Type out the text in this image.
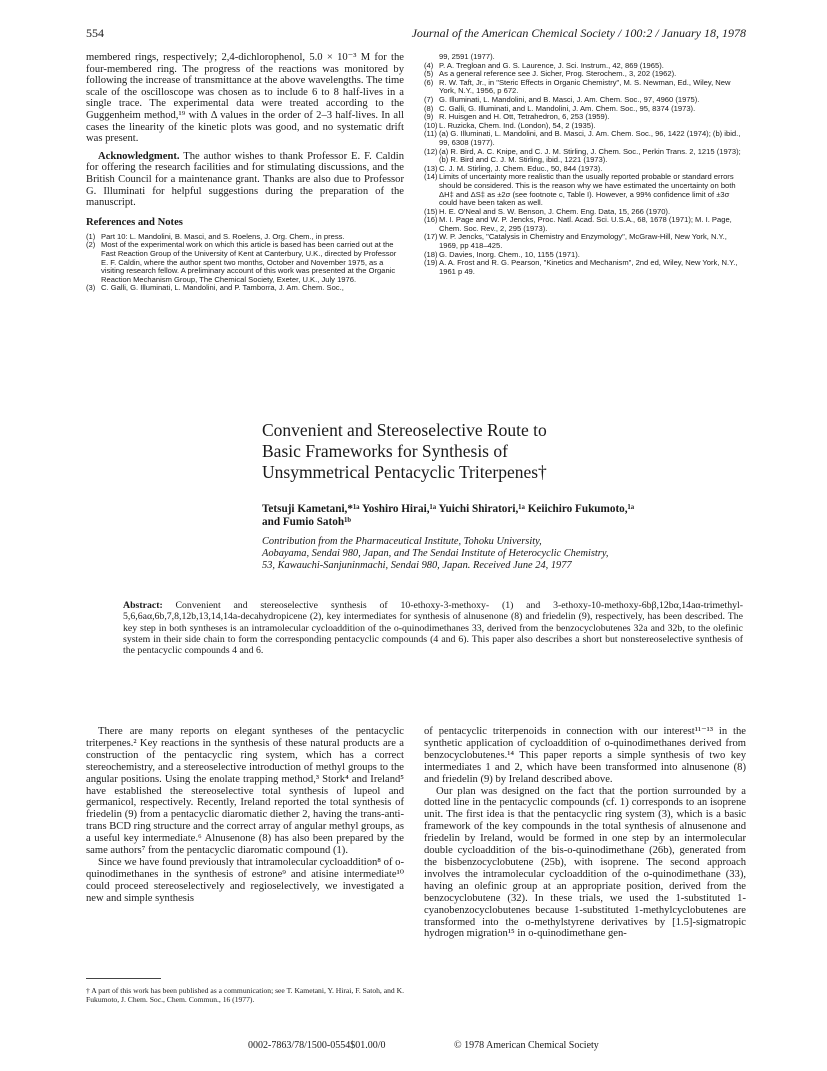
554	Journal of the American Chemical Society / 100:2 / January 18, 1978

membered rings, respectively; 2,4-dichlorophenol, 5.0 × 10⁻³ M for the four-membered ring. The progress of the reactions was monitored by following the increase of transmittance at the above wavelengths. The time scale of the oscilloscope was chosen as to include 6 to 8 half-lives in a single trace. The experimental data were treated according to the Guggenheim method,¹⁹ with Δ values in the order of 2–3 half-lives. In all cases the linearity of the kinetic plots was good, and no systematic drift was present.

Acknowledgment. The author wishes to thank Professor E. F. Caldin for offering the research facilities and for stimulating discussions, and the British Council for a maintenance grant. Thanks are also due to Professor G. Illuminati for helpful suggestions during the preparation of the manuscript.

References and Notes

(1) Part 10: L. Mandolini, B. Masci, and S. Roelens, J. Org. Chem., in press.
(2) Most of the experimental work on which this article is based has been carried out at the Fast Reaction Group of the University of Kent at Canterbury, U.K., directed by Professor E. F. Caldin, where the author spent two months, October and November 1975, as a visiting research fellow. A preliminary account of this work was presented at the Organic Reaction Mechanism Group, The Chemical Society, Exeter, U.K., July 1976.
(3) C. Galli, G. Illuminati, L. Mandolini, and P. Tamborra, J. Am. Chem. Soc.,
99, 2591 (1977).
(4) P. A. Tregloan and G. S. Laurence, J. Sci. Instrum., 42, 869 (1965).
(5) As a general reference see J. Sicher, Prog. Sterochem., 3, 202 (1962).
(6) R. W. Taft, Jr., in "Steric Effects in Organic Chemistry", M. S. Newman, Ed., Wiley, New York, N.Y., 1956, p 672.
(7) G. Illuminati, L. Mandolini, and B. Masci, J. Am. Chem. Soc., 97, 4960 (1975).
(8) C. Galli, G. Illuminati, and L. Mandolini, J. Am. Chem. Soc., 95, 8374 (1973).
(9) R. Huisgen and H. Ott, Tetrahedron, 6, 253 (1959).
(10) L. Ruzicka, Chem. Ind. (London), 54, 2 (1935).
(11) (a) G. Illuminati, L. Mandolini, and B. Masci, J. Am. Chem. Soc., 96, 1422 (1974); (b) ibid., 99, 6308 (1977).
(12) (a) R. Bird, A. C. Knipe, and C. J. M. Stirling, J. Chem. Soc., Perkin Trans. 2, 1215 (1973); (b) R. Bird and C. J. M. Stirling, ibid., 1221 (1973).
(13) C. J. M. Stirling, J. Chem. Educ., 50, 844 (1973).
(14) Limits of uncertainty more realistic than the usually reported probable or standard errors should be considered. This is the reason why we have estimated the uncertainty on both ΔH‡ and ΔS‡ as ±2σ (see footnote c, Table I). However, a 99% confidence limit of ±3σ could have been taken as well.
(15) H. E. O'Neal and S. W. Benson, J. Chem. Eng. Data, 15, 266 (1970).
(16) M. I. Page and W. P. Jencks, Proc. Natl. Acad. Sci. U.S.A., 68, 1678 (1971); M. I. Page, Chem. Soc. Rev., 2, 295 (1973).
(17) W. P. Jencks, "Catalysis in Chemistry and Enzymology", McGraw-Hill, New York, N.Y., 1969, pp 418–425.
(18) G. Davies, Inorg. Chem., 10, 1155 (1971).
(19) A. A. Frost and R. G. Pearson, "Kinetics and Mechanism", 2nd ed, Wiley, New York, N.Y., 1961 p 49.
Convenient and Stereoselective Route to
Basic Frameworks for Synthesis of
Unsymmetrical Pentacyclic Triterpenes†
Tetsuji Kametani,*¹ᵃ Yoshiro Hirai,¹ᵃ Yuichi Shiratori,¹ᵃ Keiichiro Fukumoto,¹ᵃ
and Fumio Satoh¹ᵇ
Contribution from the Pharmaceutical Institute, Tohoku University,
Aobayama, Sendai 980, Japan, and The Sendai Institute of Heterocyclic Chemistry,
53, Kawauchi-Sanjuninmachi, Sendai 980, Japan. Received June 24, 1977
Abstract: Convenient and stereoselective synthesis of 10-ethoxy-3-methoxy- (1) and 3-ethoxy-10-methoxy-6bβ,12bα,14aα-trimethyl-5,6,6aα,6b,7,8,12b,13,14,14a-decahydropicene (2), key intermediates for synthesis of alnusenone (8) and friedelin (9), respectively, has been described. The key step in both syntheses is an intramolecular cycloaddition of the o-quinodimethanes 33, derived from the benzocyclobutenes 32a and 32b, to the olefinic system in their side chain to form the corresponding pentacyclic compounds (4 and 6). This paper also describes a short but nonstereoselective synthesis of the pentacyclic compounds 4 and 6.

There are many reports on elegant syntheses of the pentacyclic triterpenes.² Key reactions in the synthesis of these natural products are a construction of the pentacyclic ring system, which has a correct stereochemistry, and a stereoselective introduction of methyl groups to the angular positions. Using the enolate trapping method,³ Stork⁴ and Ireland⁵ have established the stereoselective total synthesis of lupeol and germanicol, respectively. Recently, Ireland reported the total synthesis of friedelin (9) from a pentacyclic diaromatic diether 2, having the trans-anti-trans BCD ring structure and the correct array of angular methyl groups, as a useful key intermediate.⁶ Alnusenone (8) has also been prepared by the same authors⁷ from the pentacyclic diaromatic compound (1).

Since we have found previously that intramolecular cycloaddition⁸ of o-quinodimethanes in the synthesis of estrone⁹ and atisine intermediate¹⁰ could proceed stereoselectively and regioselectively, we investigated a new and simple synthesis

of pentacyclic triterpenoids in connection with our interest¹¹⁻¹³ in the synthetic application of cycloaddition of o-quinodimethanes derived from benzocyclobutenes.¹⁴ This paper reports a simple synthesis of two key intermediates 1 and 2, which have been transformed into alnusenone (8) and friedelin (9) by Ireland described above.

Our plan was designed on the fact that the portion surrounded by a dotted line in the pentacyclic compounds (cf. 1) corresponds to an isoprene unit. The first idea is that the pentacyclic ring system (3), which is a basic framework of the key compounds in the total synthesis of alnusenone and friedelin by Ireland, would be formed in one step by an intermolecular double cycloaddition of the bis-o-quinodimethane (26b), generated from the bisbenzocyclobutene (25b), with isoprene. The second approach involves the intramolecular cycloaddition of the o-quinodimethane (33), having an olefinic group at an appropriate position, derived from the benzocyclobutene (32). In these trials, we used the 1-substituted 1-cyanobenzocyclobutenes because 1-substituted 1-methylcyclobutenes are transformed into the o-methylstyrene derivatives by [1.5]-sigmatropic hydrogen migration¹⁵ in o-quinodimethane gen-

† A part of this work has been published as a communication; see T. Kametani, Y. Hirai, F. Satoh, and K. Fukumoto, J. Chem. Soc., Chem. Commun., 16 (1977).
0002-7863/78/1500-0554$01.00/0	© 1978 American Chemical Society
